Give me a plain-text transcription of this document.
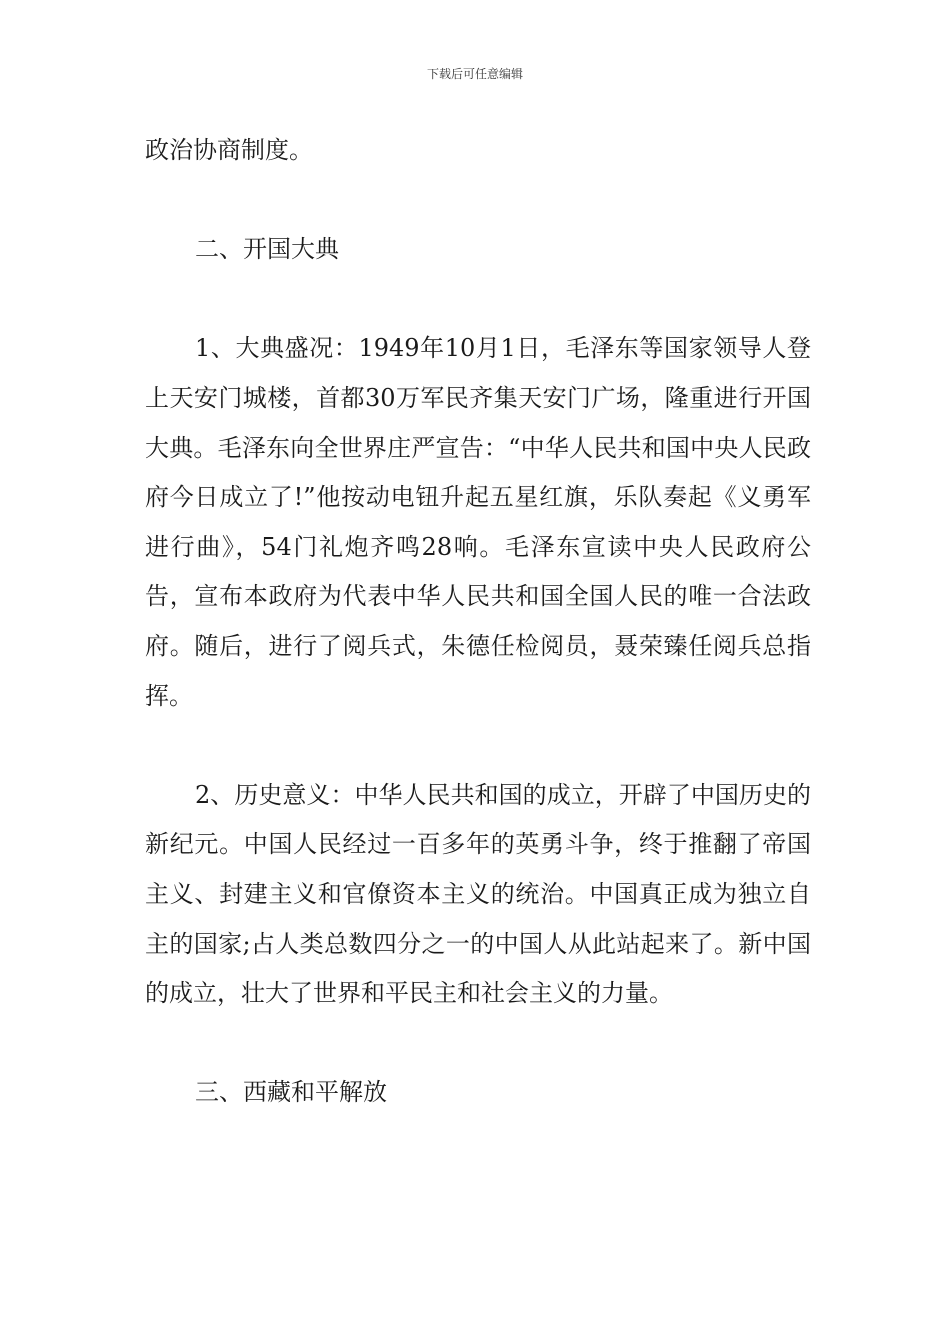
下载后可任意编辑

政治协商制度。

二、开国大典

1、大典盛况：1949年10月1日，毛泽东等国家领导人登上天安门城楼，首都30万军民齐集天安门广场，隆重进行开国大典。毛泽东向全世界庄严宣告：“中华人民共和国中央人民政府今日成立了!”他按动电钮升起五星红旗，乐队奏起《义勇军进行曲》，54门礼炮齐鸣28响。毛泽东宣读中央人民政府公告，宣布本政府为代表中华人民共和国全国人民的唯一合法政府。随后，进行了阅兵式，朱德任检阅员，聂荣臻任阅兵总指挥。

2、历史意义：中华人民共和国的成立，开辟了中国历史的新纪元。中国人民经过一百多年的英勇斗争，终于推翻了帝国主义、封建主义和官僚资本主义的统治。中国真正成为独立自主的国家;占人类总数四分之一的中国人从此站起来了。新中国的成立，壮大了世界和平民主和社会主义的力量。

三、西藏和平解放
